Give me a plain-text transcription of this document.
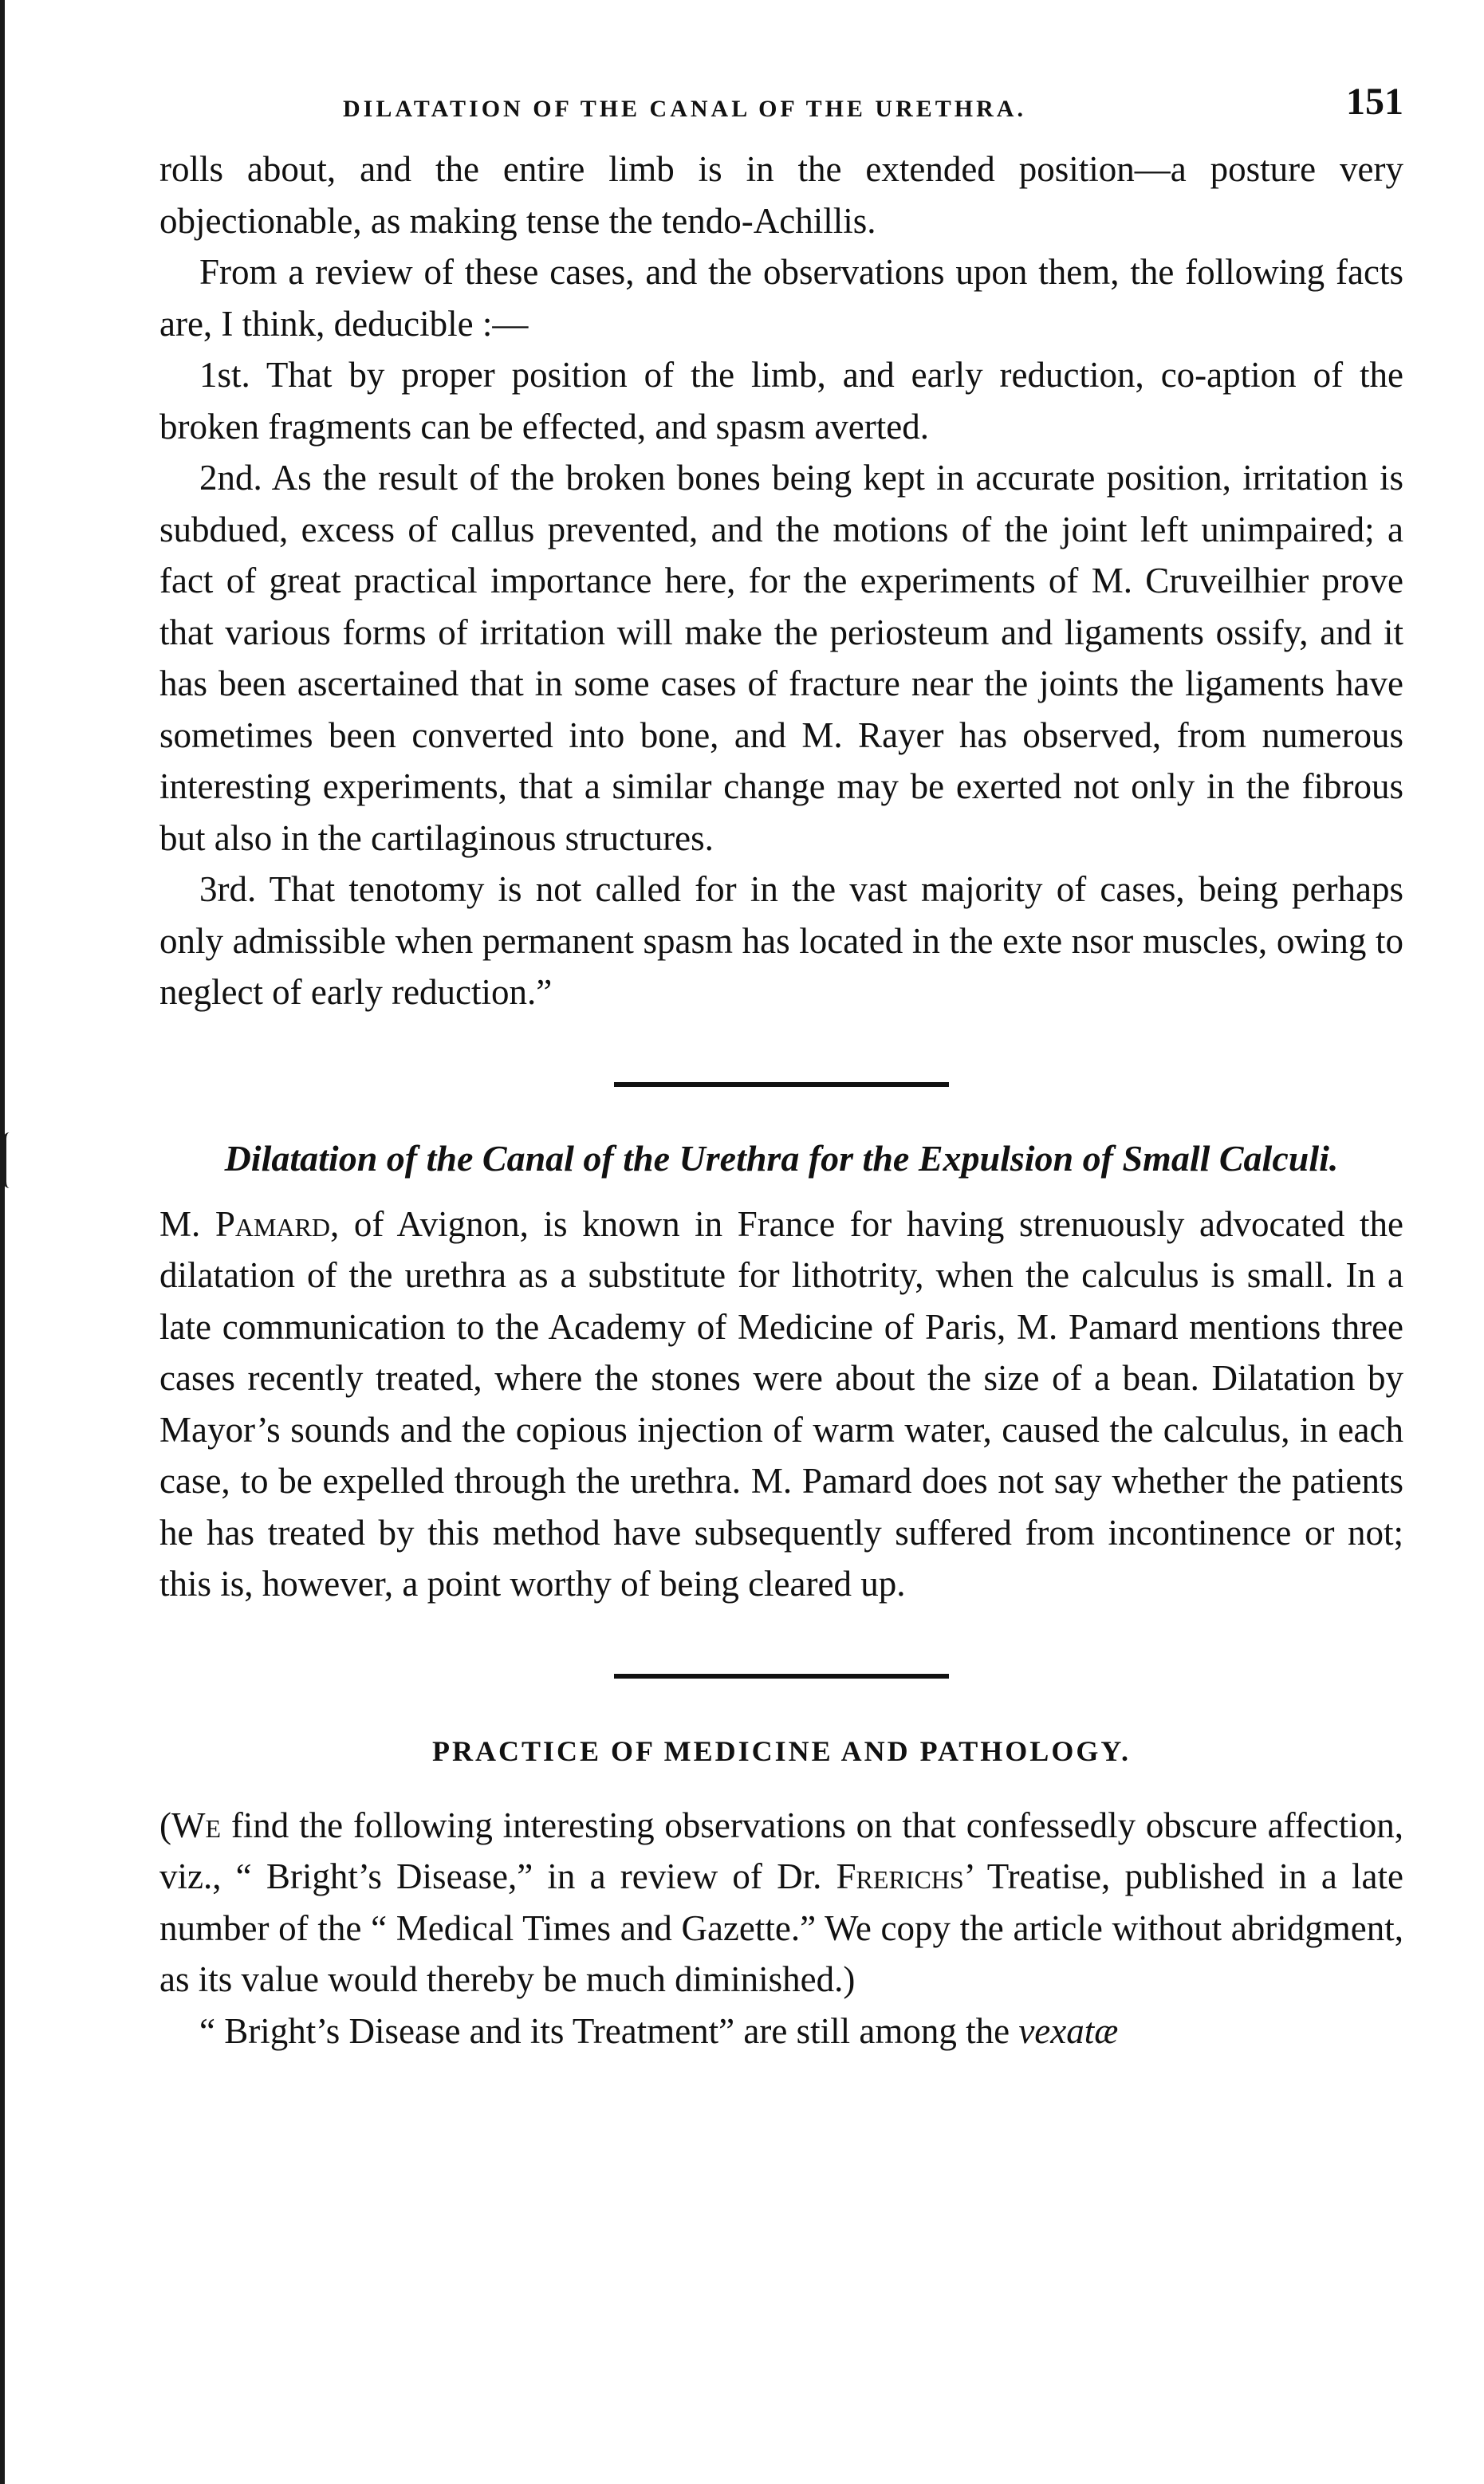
DILATATION OF THE CANAL OF THE URETHRA.	151

rolls about, and the entire limb is in the extended position—a posture very objectionable, as making tense the tendo-Achillis.

From a review of these cases, and the observations upon them, the following facts are, I think, deducible :—

1st. That by proper position of the limb, and early reduction, co-aption of the broken fragments can be effected, and spasm averted.

2nd. As the result of the broken bones being kept in accurate position, irritation is subdued, excess of callus prevented, and the motions of the joint left unimpaired; a fact of great practical importance here, for the experiments of M. Cruveilhier prove that various forms of irritation will make the periosteum and ligaments ossify, and it has been ascertained that in some cases of fracture near the joints the ligaments have sometimes been converted into bone, and M. Rayer has observed, from numerous interesting experiments, that a similar change may be exerted not only in the fibrous but also in the cartilaginous structures.

3rd. That tenotomy is not called for in the vast majority of cases, being perhaps only admissible when permanent spasm has located in the exte nsor muscles, owing to neglect of early reduction.”

Dilatation of the Canal of the Urethra for the Expulsion of Small Calculi.

M. Pamard, of Avignon, is known in France for having strenuously advocated the dilatation of the urethra as a substitute for lithotrity, when the calculus is small. In a late communication to the Academy of Medicine of Paris, M. Pamard mentions three cases recently treated, where the stones were about the size of a bean. Dilatation by Mayor’s sounds and the copious injection of warm water, caused the calculus, in each case, to be expelled through the urethra. M. Pamard does not say whether the patients he has treated by this method have subsequently suffered from incontinence or not; this is, however, a point worthy of being cleared up.

PRACTICE OF MEDICINE AND PATHOLOGY.

(We find the following interesting observations on that confessedly obscure affection, viz., “ Bright’s Disease,” in a review of Dr. Frerichs’ Treatise, published in a late number of the “ Medical Times and Gazette.” We copy the article without abridgment, as its value would thereby be much diminished.)

“ Bright’s Disease and its Treatment” are still among the vexatæ
